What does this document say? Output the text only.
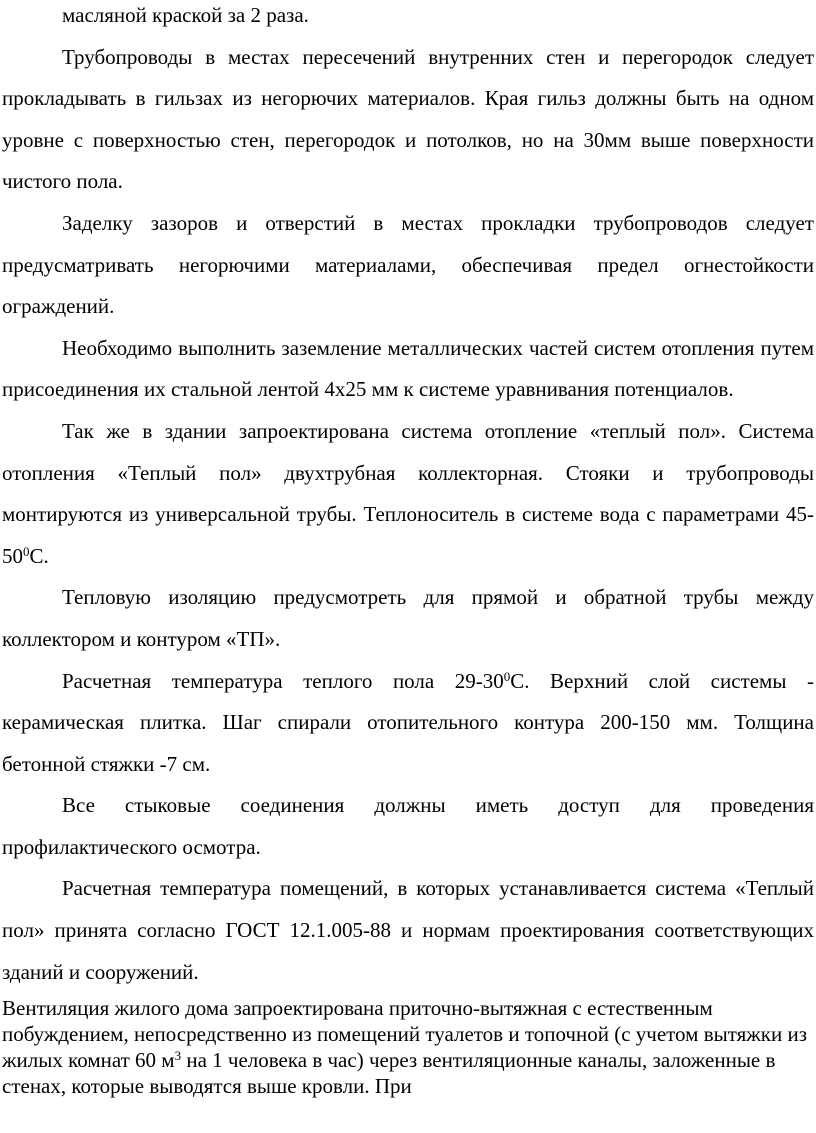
масляной краской за 2 раза.

Трубопроводы в местах пересечений внутренних стен и перегородок следует прокладывать в гильзах из негорючих материалов. Края гильз должны быть на одном уровне с поверхностью стен, перегородок и потолков, но на 30мм выше поверхности чистого пола.

Заделку зазоров и отверстий в местах прокладки трубопроводов следует предусматривать негорючими материалами, обеспечивая предел огнестойкости ограждений.

Необходимо выполнить заземление металлических частей систем отопления путем присоединения их стальной лентой 4х25 мм к системе уравнивания потенциалов.

Так же в здании запроектирована система отопление «теплый пол». Система отопления «Теплый пол» двухтрубная коллекторная. Стояки и трубопроводы монтируются из универсальной трубы. Теплоноситель в системе вода с параметрами $45-50^0С$.

Тепловую изоляцию предусмотреть для прямой и обратной трубы между коллектором и контуром «ТП».

Расчетная температура теплого пола $29-30^0С$. Верхний слой системы - керамическая плитка. Шаг спирали отопительного контура 200-150 мм. Толщина бетонной стяжки -7 см.

Все стыковые соединения должны иметь доступ для проведения профилактического осмотра.

Расчетная температура помещений, в которых устанавливается система «Теплый пол» принята согласно ГОСТ 12.1.005-88 и нормам проектирования соответствующих зданий и сооружений.

Вентиляция жилого дома запроектирована приточно-вытяжная с естественным побуждением, непосредственно из помещений туалетов и топочной (с учетом вытяжки из жилых комнат 60 $м^3$ на 1 человека в час) через вентиляционные каналы, заложенные в стенах, которые выводятся выше кровли. При
